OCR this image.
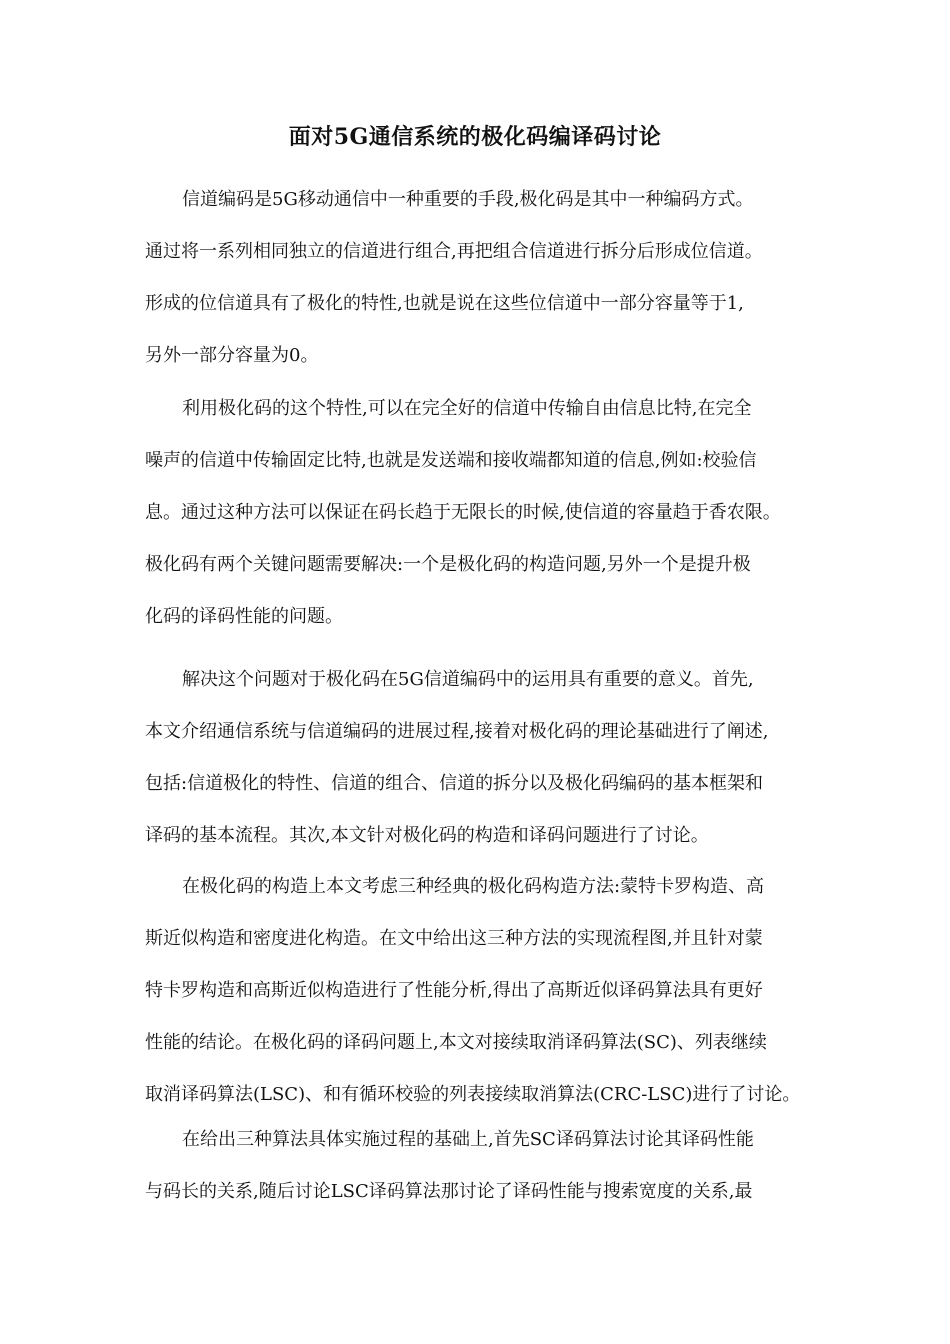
面对5G通信系统的极化码编译码讨论
信道编码是5G移动通信中一种重要的手段,极化码是其中一种编码方式。
通过将一系列相同独立的信道进行组合,再把组合信道进行拆分后形成位信道。
形成的位信道具有了极化的特性,也就是说在这些位信道中一部分容量等于1,
另外一部分容量为0。
利用极化码的这个特性,可以在完全好的信道中传输自由信息比特,在完全
噪声的信道中传输固定比特,也就是发送端和接收端都知道的信息,例如:校验信
息。通过这种方法可以保证在码长趋于无限长的时候,使信道的容量趋于香农限。
极化码有两个关键问题需要解决:一个是极化码的构造问题,另外一个是提升极
化码的译码性能的问题。
解决这个问题对于极化码在5G信道编码中的运用具有重要的意义。首先,
本文介绍通信系统与信道编码的进展过程,接着对极化码的理论基础进行了阐述,
包括:信道极化的特性、信道的组合、信道的拆分以及极化码编码的基本框架和
译码的基本流程。其次,本文针对极化码的构造和译码问题进行了讨论。
在极化码的构造上本文考虑三种经典的极化码构造方法:蒙特卡罗构造、高
斯近似构造和密度进化构造。在文中给出这三种方法的实现流程图,并且针对蒙
特卡罗构造和高斯近似构造进行了性能分析,得出了高斯近似译码算法具有更好
性能的结论。在极化码的译码问题上,本文对接续取消译码算法(SC)、列表继续
取消译码算法(LSC)、和有循环校验的列表接续取消算法(CRC-LSC)进行了讨论。
在给出三种算法具体实施过程的基础上,首先SC译码算法讨论其译码性能
与码长的关系,随后讨论LSC译码算法那讨论了译码性能与搜索宽度的关系,最
